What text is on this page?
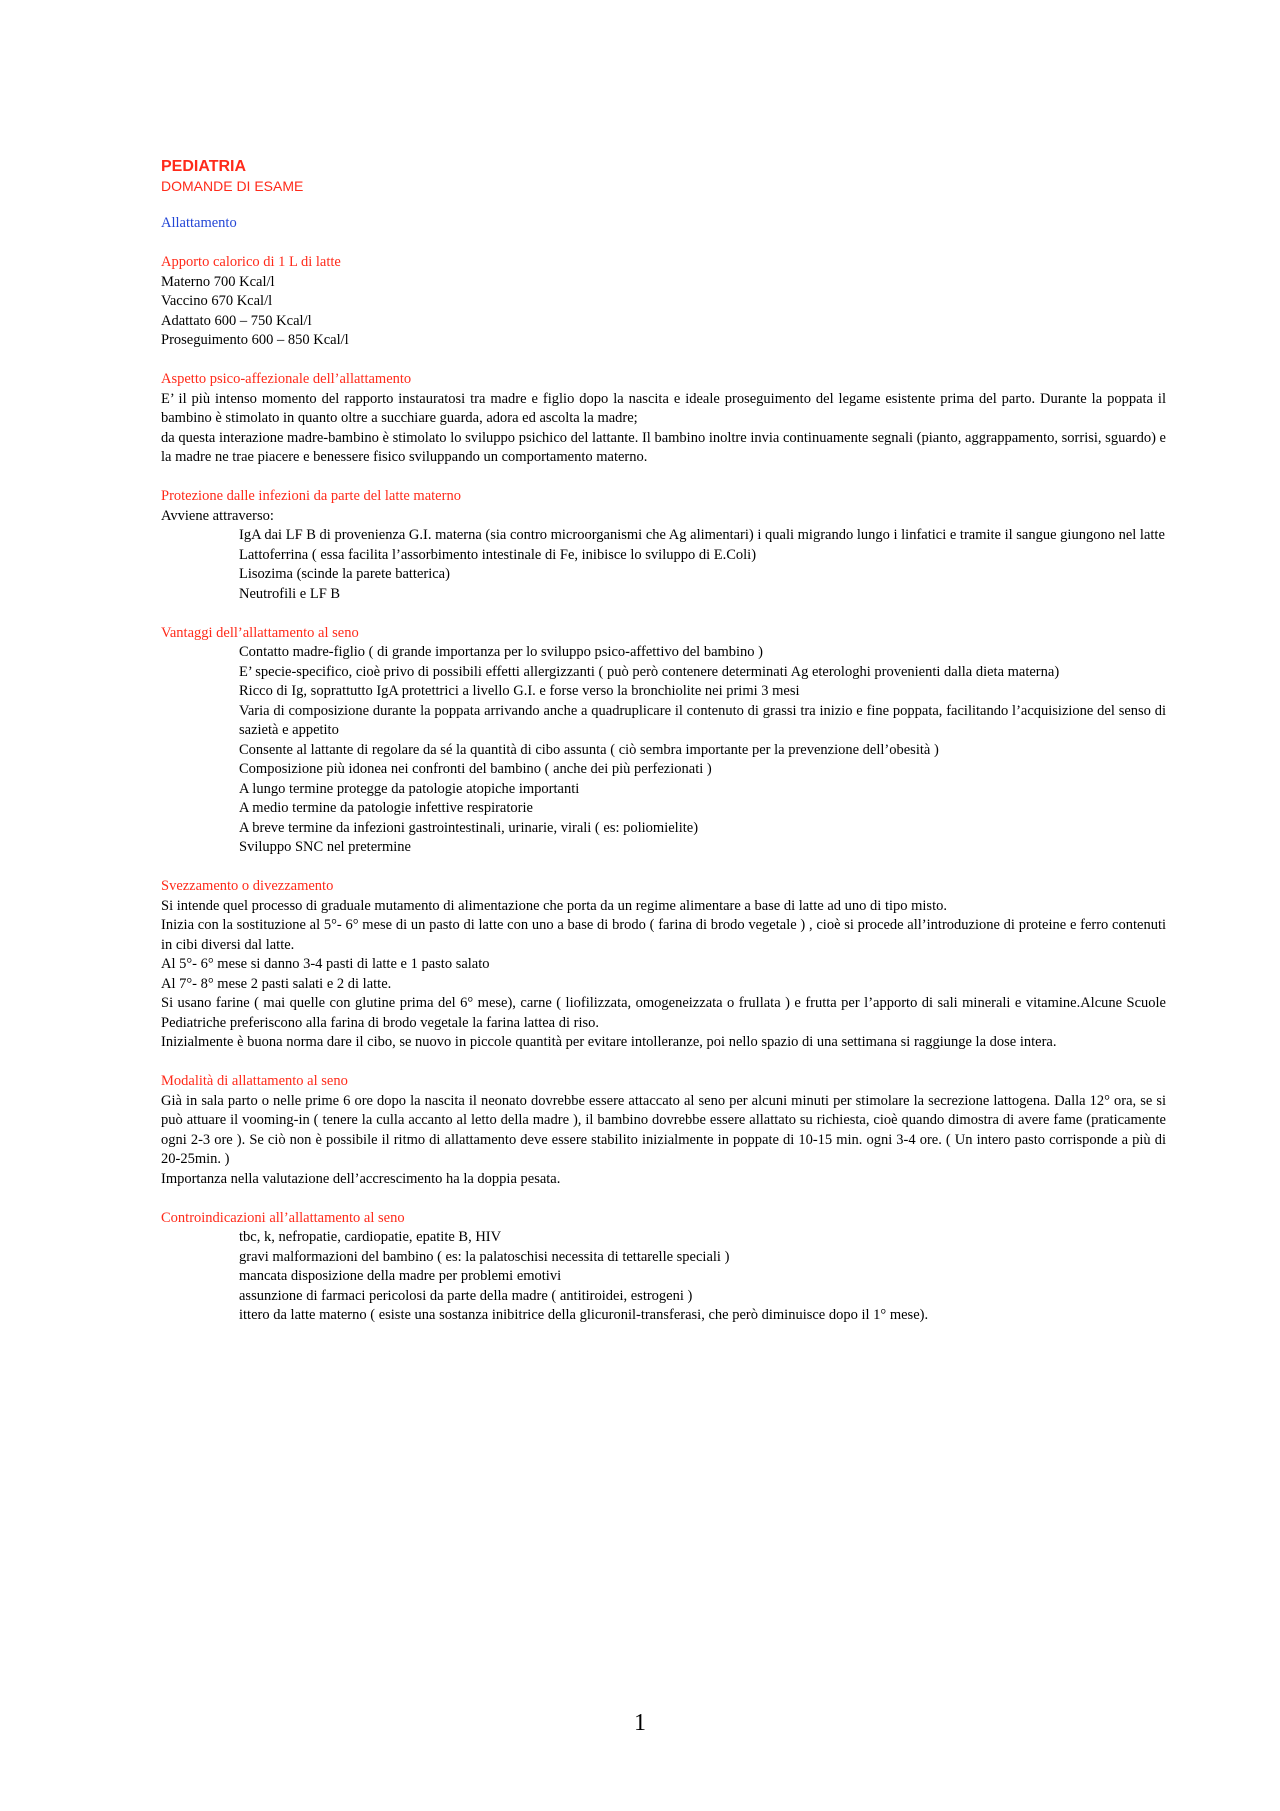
PEDIATRIA
DOMANDE DI ESAME
Allattamento
Apporto calorico di 1 L di latte
Materno 700 Kcal/l
Vaccino 670 Kcal/l
Adattato 600 – 750 Kcal/l
Proseguimento 600 – 850 Kcal/l
Aspetto psico-affezionale dell’allattamento

E’ il più intenso momento del rapporto instauratosi tra madre e figlio dopo la nascita e ideale proseguimento del legame esistente prima del parto. Durante la poppata il bambino è stimolato in quanto oltre a succhiare guarda, adora ed ascolta la madre;

da questa interazione madre-bambino è stimolato lo sviluppo psichico del lattante. Il bambino inoltre invia continuamente segnali (pianto, aggrappamento, sorrisi, sguardo) e la madre ne trae piacere e benessere fisico sviluppando un comportamento materno.

Protezione dalle infezioni da parte del latte materno
Avviene attraverso:

IgA dai LF B di provenienza G.I. materna (sia contro microorganismi che Ag alimentari) i quali migrando lungo i linfatici e tramite il sangue giungono nel latte

Lattoferrina ( essa facilita l’assorbimento intestinale di Fe, inibisce lo sviluppo di E.Coli)

Lisozima (scinde la parete batterica)

Neutrofili e LF B

Vantaggi dell’allattamento al seno

Contatto madre-figlio ( di grande importanza per lo sviluppo psico-affettivo del bambino )

E’ specie-specifico, cioè privo di possibili effetti allergizzanti ( può però contenere determinati Ag eterologhi provenienti dalla dieta materna)

Ricco di Ig, soprattutto IgA protettrici a livello G.I. e forse verso la bronchiolite nei primi 3 mesi

Varia di composizione durante la poppata arrivando anche a quadruplicare il contenuto di grassi tra inizio e fine poppata, facilitando l’acquisizione del senso di sazietà e appetito

Consente al lattante di regolare da sé la quantità di cibo assunta ( ciò sembra importante per la prevenzione dell’obesità )

Composizione più idonea nei confronti del bambino ( anche dei più perfezionati )

A lungo termine protegge da patologie atopiche importanti

A medio termine da patologie infettive respiratorie

A breve termine da infezioni gastrointestinali, urinarie, virali ( es: poliomielite)

Sviluppo SNC nel pretermine

Svezzamento o divezzamento

Si intende quel processo di graduale mutamento di alimentazione che porta da un regime alimentare a base di latte ad uno di tipo misto.

Inizia con la sostituzione al 5°- 6° mese di un pasto di latte con uno a base di brodo ( farina di brodo vegetale ) , cioè si procede all’introduzione di proteine e ferro contenuti in cibi diversi dal latte.

Al 5°- 6° mese si danno 3-4 pasti di latte e 1 pasto salato

Al 7°- 8° mese 2 pasti salati e 2 di latte.

Si usano farine ( mai quelle con glutine prima del 6° mese), carne ( liofilizzata, omogeneizzata o frullata ) e frutta per l’apporto di sali minerali e vitamine.Alcune Scuole Pediatriche preferiscono alla farina di brodo vegetale la farina lattea di riso.

Inizialmente è buona norma dare il cibo, se nuovo in piccole quantità per evitare intolleranze, poi nello spazio di una settimana si raggiunge la dose intera.

Modalità di allattamento al seno

Già in sala parto o nelle prime 6 ore dopo la nascita il neonato dovrebbe essere attaccato al seno per alcuni minuti per stimolare la secrezione lattogena. Dalla 12° ora, se si può attuare il vooming-in ( tenere la culla accanto al letto della madre ), il bambino dovrebbe essere allattato su richiesta, cioè quando dimostra di avere fame (praticamente ogni 2-3 ore ). Se ciò non è possibile il ritmo di allattamento deve essere stabilito inizialmente in poppate di 10-15 min. ogni 3-4 ore. ( Un intero pasto corrisponde a più di 20-25min. )

Importanza nella valutazione dell’accrescimento ha la doppia pesata.

Controindicazioni all’allattamento al seno

tbc, k, nefropatie, cardiopatie, epatite B, HIV

gravi malformazioni del bambino ( es: la palatoschisi necessita di tettarelle speciali )

mancata disposizione della madre per problemi emotivi

assunzione di farmaci pericolosi da parte della madre ( antitiroidei, estrogeni )

ittero da latte materno ( esiste una sostanza inibitrice della glicuronil-transferasi, che però diminuisce dopo il 1° mese).

1
